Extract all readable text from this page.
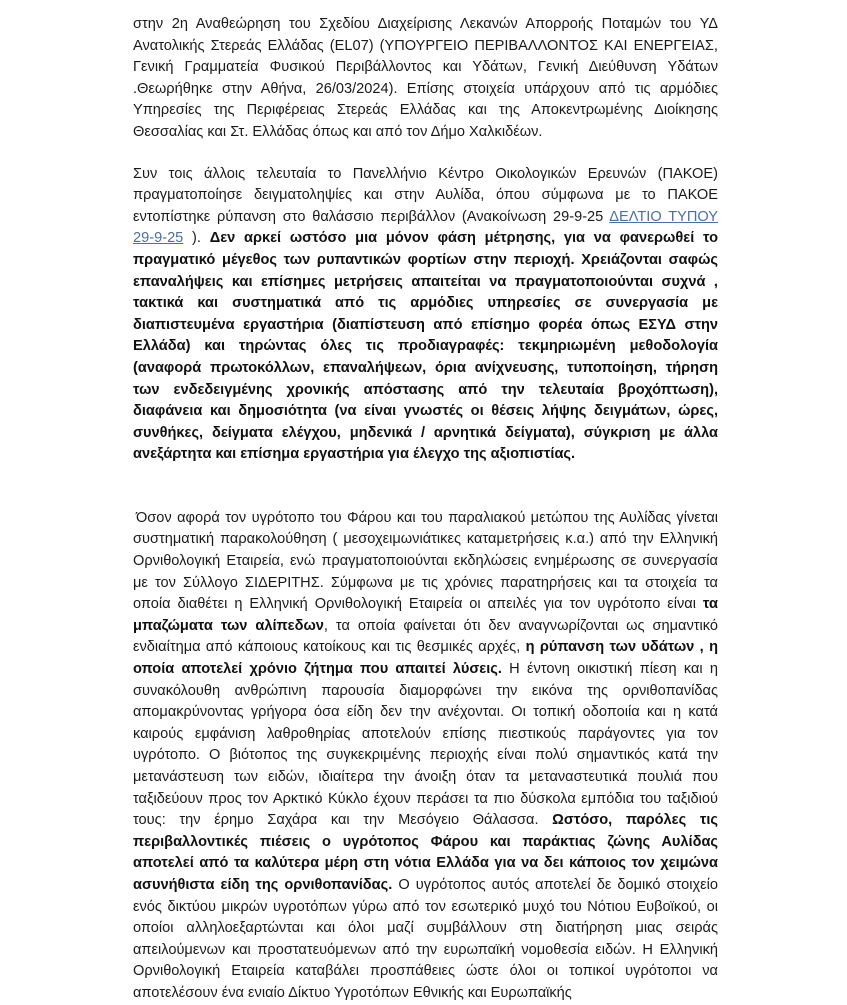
στην 2η Αναθεώρηση του Σχεδίου Διαχείρισης Λεκανών Απορροής Ποταμών του ΥΔ Ανατολικής Στερεάς Ελλάδας (EL07) (ΥΠΟΥΡΓΕΙΟ ΠΕΡΙΒΑΛΛΟΝΤΟΣ ΚΑΙ ΕΝΕΡΓΕΙΑΣ, Γενική Γραμματεία Φυσικού Περιβάλλοντος και Υδάτων, Γενική Διεύθυνση Υδάτων .Θεωρήθηκε στην Αθήνα, 26/03/2024). Επίσης στοιχεία υπάρχουν από τις αρμόδιες Υπηρεσίες της Περιφέρειας Στερεάς Ελλάδας και της Αποκεντρωμένης Διοίκησης Θεσσαλίας και Στ. Ελλάδας όπως και από τον Δήμο Χαλκιδέων.

Συν τοις άλλοις τελευταία το Πανελλήνιο Κέντρο Οικολογικών Ερευνών (ΠΑΚΟΕ) πραγματοποίησε δειγματοληψίες και στην Αυλίδα, όπου σύμφωνα με το ΠΑΚΟΕ εντοπίστηκε ρύπανση στο θαλάσσιο περιβάλλον (Ανακοίνωση 29-9-25 ΔΕΛΤΙΟ ΤΥΠΟΥ 29-9-25 ). Δεν αρκεί ωστόσο μια μόνον φάση μέτρησης, για να φανερωθεί το πραγματικό μέγεθος των ρυπαντικών φορτίων στην περιοχή. Χρειάζονται σαφώς επαναλήψεις και επίσημες μετρήσεις απαιτείται να πραγματοποιούνται συχνά , τακτικά και συστηματικά από τις αρμόδιες υπηρεσίες σε συνεργασία με διαπιστευμένα εργαστήρια (διαπίστευση από επίσημο φορέα όπως ΕΣΥΔ στην Ελλάδα) και τηρώντας όλες τις προδιαγραφές: τεκμηριωμένη μεθοδολογία (αναφορά πρωτοκόλλων, επαναλήψεων, όρια ανίχνευσης, τυποποίηση, τήρηση των ενδεδειγμένης χρονικής απόστασης από την τελευταία βροχόπτωση), διαφάνεια και δημοσιότητα (να είναι γνωστές οι θέσεις λήψης δειγμάτων, ώρες, συνθήκες, δείγματα ελέγχου, μηδενικά / αρνητικά δείγματα), σύγκριση με άλλα ανεξάρτητα και επίσημα εργαστήρια για έλεγχο της αξιοπιστίας.

Όσον αφορά τον υγρότοπο του Φάρου και του παραλιακού μετώπου της Αυλίδας γίνεται συστηματική παρακολούθηση ( μεσοχειμωνιάτικες καταμετρήσεις κ.α.) από την Ελληνική Ορνιθολογική Εταιρεία, ενώ πραγματοποιούνται εκδηλώσεις ενημέρωσης σε συνεργασία με τον Σύλλογο ΣΙΔΕΡΙΤΗΣ. Σύμφωνα με τις χρόνιες παρατηρήσεις και τα στοιχεία τα οποία διαθέτει η Ελληνική Ορνιθολογική Εταιρεία οι απειλές για τον υγρότοπο είναι τα μπαζώματα των αλίπεδων, τα οποία φαίνεται ότι δεν αναγνωρίζονται ως σημαντικό ενδιαίτημα από κάποιους κατοίκους και τις θεσμικές αρχές, η ρύπανση των υδάτων , η οποία αποτελεί χρόνιο ζήτημα που απαιτεί λύσεις. Η έντονη οικιστική πίεση και η συνακόλουθη ανθρώπινη παρουσία διαμορφώνει την εικόνα της ορνιθοπανίδας απομακρύνοντας γρήγορα όσα είδη δεν την ανέχονται. Οι τοπική οδοποιία και η κατά καιρούς εμφάνιση λαθροθηρίας αποτελούν επίσης πιεστικούς παράγοντες για τον υγρότοπο. Ο βιότοπος της συγκεκριμένης περιοχής είναι πολύ σημαντικός κατά την μετανάστευση των ειδών, ιδιαίτερα την άνοιξη όταν τα μεταναστευτικά πουλιά που ταξιδεύουν προς τον Αρκτικό Κύκλο έχουν περάσει τα πιο δύσκολα εμπόδια του ταξιδιού τους: την έρημο Σαχάρα και την Μεσόγειο Θάλασσα. Ωστόσο, παρόλες τις περιβαλλοντικές πιέσεις ο υγρότοπος Φάρου και παράκτιας ζώνης Αυλίδας αποτελεί από τα καλύτερα μέρη στη νότια Ελλάδα για να δει κάποιος τον χειμώνα ασυνήθιστα είδη της ορνιθοπανίδας. Ο υγρότοπος αυτός αποτελεί δε δομικό στοιχείο ενός δικτύου μικρών υγροτόπων γύρω από τον εσωτερικό μυχό του Νότιου Ευβοϊκού, οι οποίοι αλληλοεξαρτώνται και όλοι μαζί συμβάλλουν στη διατήρηση μιας σειράς απειλούμενων και προστατευόμενων από την ευρωπαϊκή νομοθεσία ειδών. Η Ελληνική Ορνιθολογική Εταιρεία καταβάλει προσπάθειες ώστε όλοι οι τοπικοί υγρότοποι να αποτελέσουν ένα ενιαίο Δίκτυο Υγροτόπων Εθνικής και Ευρωπαϊκής
